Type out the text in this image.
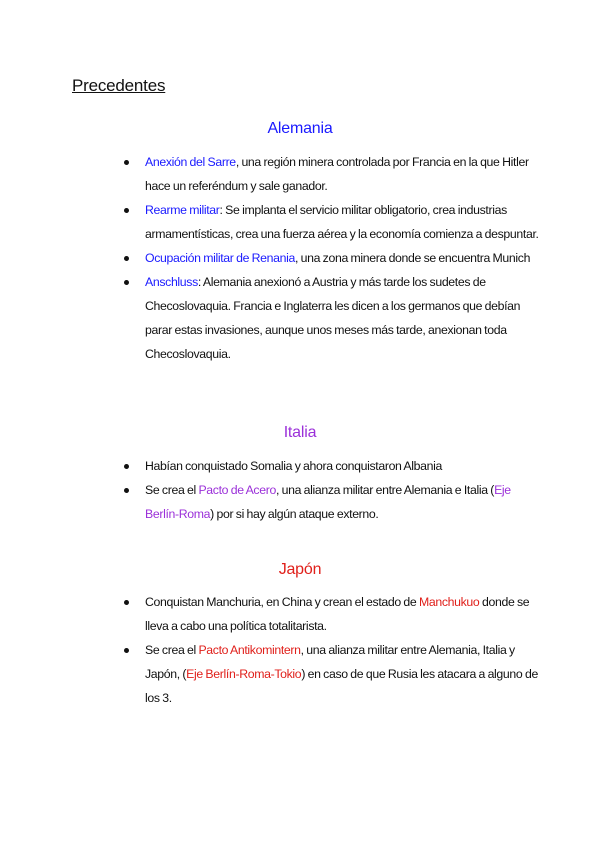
Precedentes
Alemania
Anexión del Sarre, una región minera controlada por Francia en la que Hitler hace un referéndum y sale ganador.
Rearme militar: Se implanta el servicio militar obligatorio, crea industrias armamentísticas, crea una fuerza aérea y la economía comienza a despuntar.
Ocupación militar de Renania, una zona minera donde se encuentra Munich
Anschluss: Alemania anexionó a Austria y más tarde los sudetes de Checoslovaquia. Francia e Inglaterra les dicen a los germanos que debían parar estas invasiones, aunque unos meses más tarde, anexionan toda Checoslovaquia.
Italia
Habían conquistado Somalia y ahora conquistaron Albania
Se crea el Pacto de Acero, una alianza militar entre Alemania e Italia (Eje Berlín-Roma) por si hay algún ataque externo.
Japón
Conquistan Manchuria, en China y crean el estado de Manchukuo donde se lleva a cabo una política totalitarista.
Se crea el Pacto Antikomintern, una alianza militar entre Alemania, Italia y Japón, (Eje Berlín-Roma-Tokio) en caso de que Rusia les atacara a alguno de los 3.
